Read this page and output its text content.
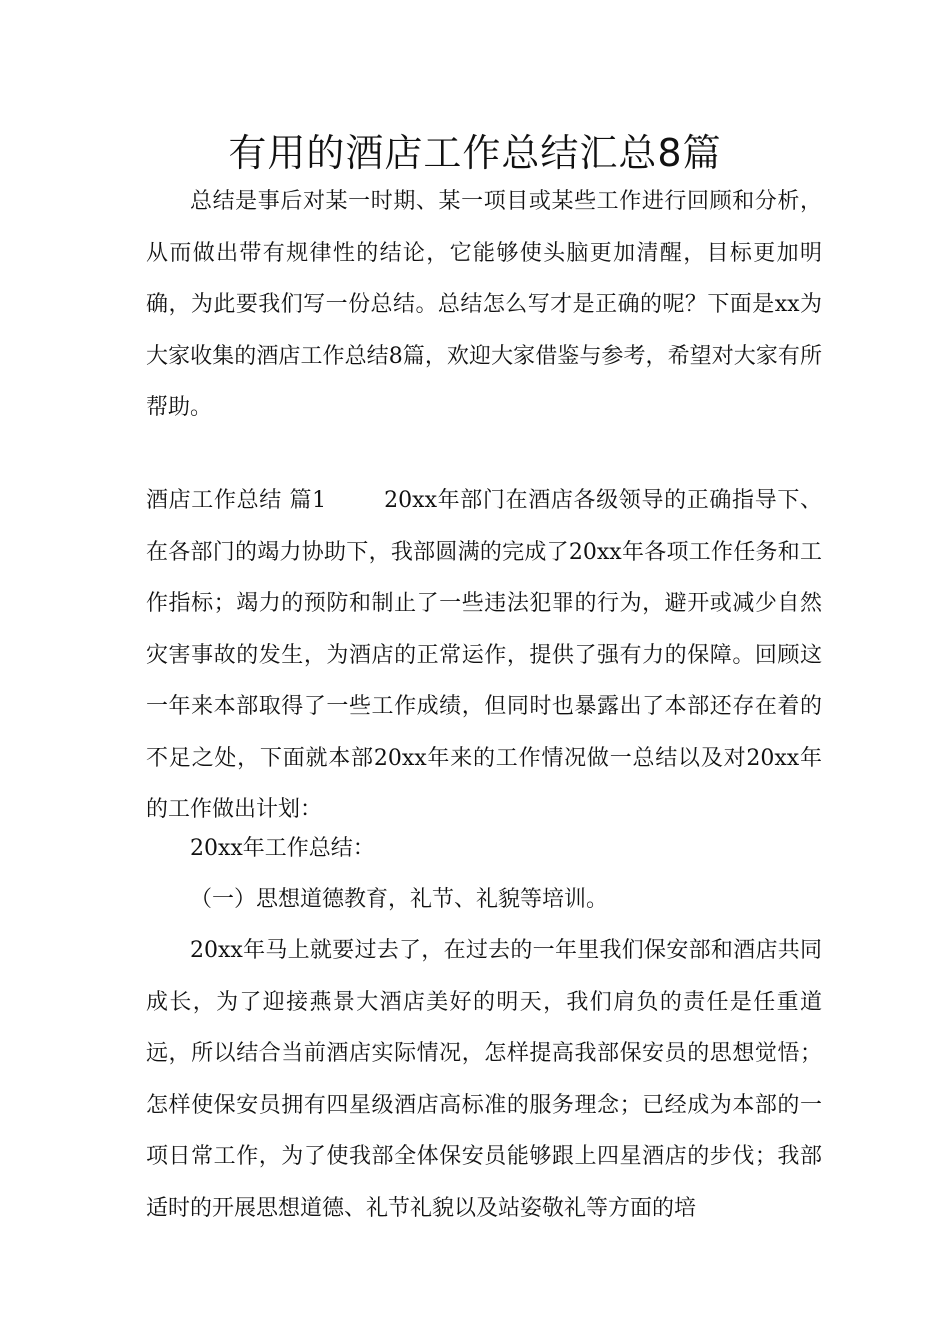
有用的酒店工作总结汇总8篇

总结是事后对某一时期、某一项目或某些工作进行回顾和分析，从而做出带有规律性的结论，它能够使头脑更加清醒，目标更加明确，为此要我们写一份总结。总结怎么写才是正确的呢？下面是xx为大家收集的酒店工作总结8篇，欢迎大家借鉴与参考，希望对大家有所帮助。

酒店工作总结 篇1	20xx年部门在酒店各级领导的正确指导下、在各部门的竭力协助下，我部圆满的完成了20xx年各项工作任务和工作指标；竭力的预防和制止了一些违法犯罪的行为，避开或减少自然灾害事故的发生，为酒店的正常运作，提供了强有力的保障。回顾这一年来本部取得了一些工作成绩，但同时也暴露出了本部还存在着的不足之处，下面就本部20xx年来的工作情况做一总结以及对20xx年的工作做出计划：

20xx年工作总结：

（一）思想道德教育，礼节、礼貌等培训。

20xx年马上就要过去了，在过去的一年里我们保安部和酒店共同成长，为了迎接燕景大酒店美好的明天，我们肩负的责任是任重道远，所以结合当前酒店实际情况，怎样提高我部保安员的思想觉悟；怎样使保安员拥有四星级酒店高标准的服务理念；已经成为本部的一项日常工作，为了使我部全体保安员能够跟上四星酒店的步伐；我部适时的开展思想道德、礼节礼貌以及站姿敬礼等方面的培
